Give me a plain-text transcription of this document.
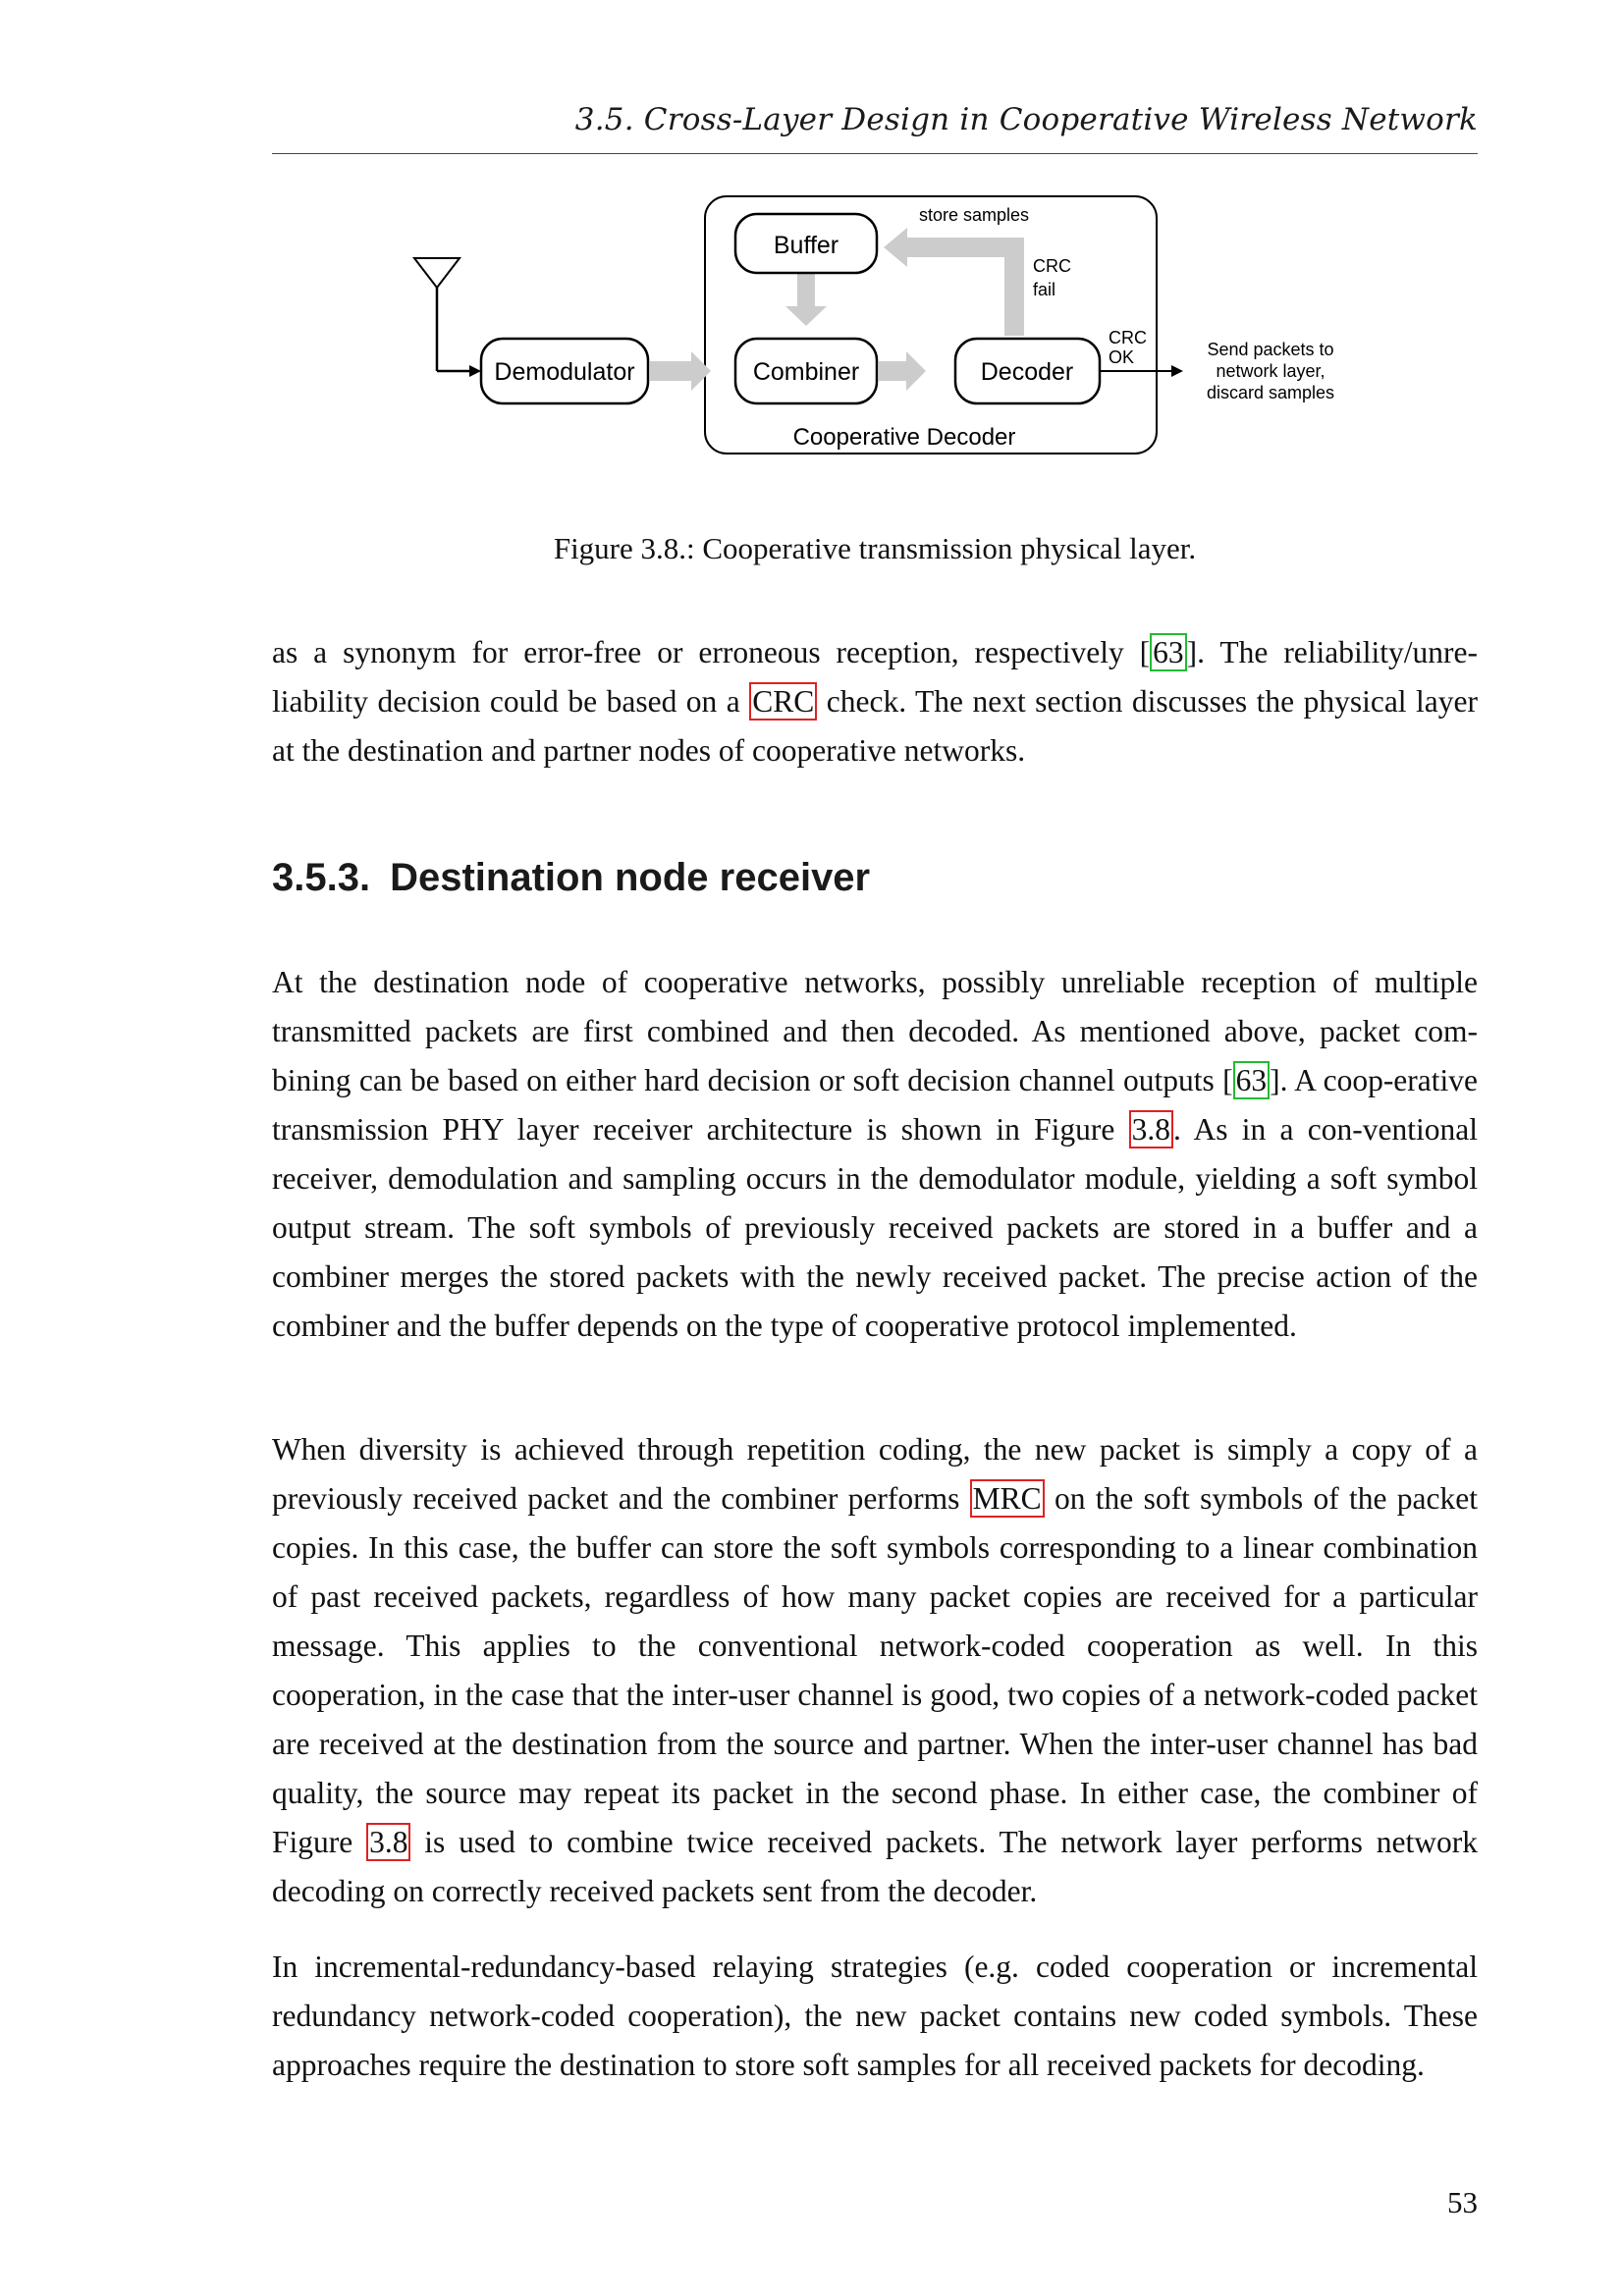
3.5. Cross-Layer Design in Cooperative Wireless Network
Demodulator
Buffer
Combiner	Decoder
Cooperative Decoder
store samples
CRC
fail
CRC
OK	Send packets to
network layer,
discard samples
Figure 3.8.: Cooperative transmission physical layer.
as a synonym for error-free or erroneous reception, respectively [63]. The reliability/unre-liability decision could be based on a CRC check. The next section discusses the physical layer at the destination and partner nodes of cooperative networks.
3.5.3. Destination node receiver
At the destination node of cooperative networks, possibly unreliable reception of multiple transmitted packets are first combined and then decoded. As mentioned above, packet com-bining can be based on either hard decision or soft decision channel outputs [63]. A coop-erative transmission PHY layer receiver architecture is shown in Figure 3.8. As in a con-ventional receiver, demodulation and sampling occurs in the demodulator module, yielding a soft symbol output stream. The soft symbols of previously received packets are stored in a buffer and a combiner merges the stored packets with the newly received packet. The precise action of the combiner and the buffer depends on the type of cooperative protocol implemented.
When diversity is achieved through repetition coding, the new packet is simply a copy of a previously received packet and the combiner performs MRC on the soft symbols of the packet copies. In this case, the buffer can store the soft symbols corresponding to a linear combination of past received packets, regardless of how many packet copies are received for a particular message. This applies to the conventional network-coded cooperation as well. In this cooperation, in the case that the inter-user channel is good, two copies of a network-coded packet are received at the destination from the source and partner. When the inter-user channel has bad quality, the source may repeat its packet in the second phase. In either case, the combiner of Figure 3.8 is used to combine twice received packets. The network layer performs network decoding on correctly received packets sent from the decoder.
In incremental-redundancy-based relaying strategies (e.g. coded cooperation or incremental redundancy network-coded cooperation), the new packet contains new coded symbols. These approaches require the destination to store soft samples for all received packets for decoding.
53
